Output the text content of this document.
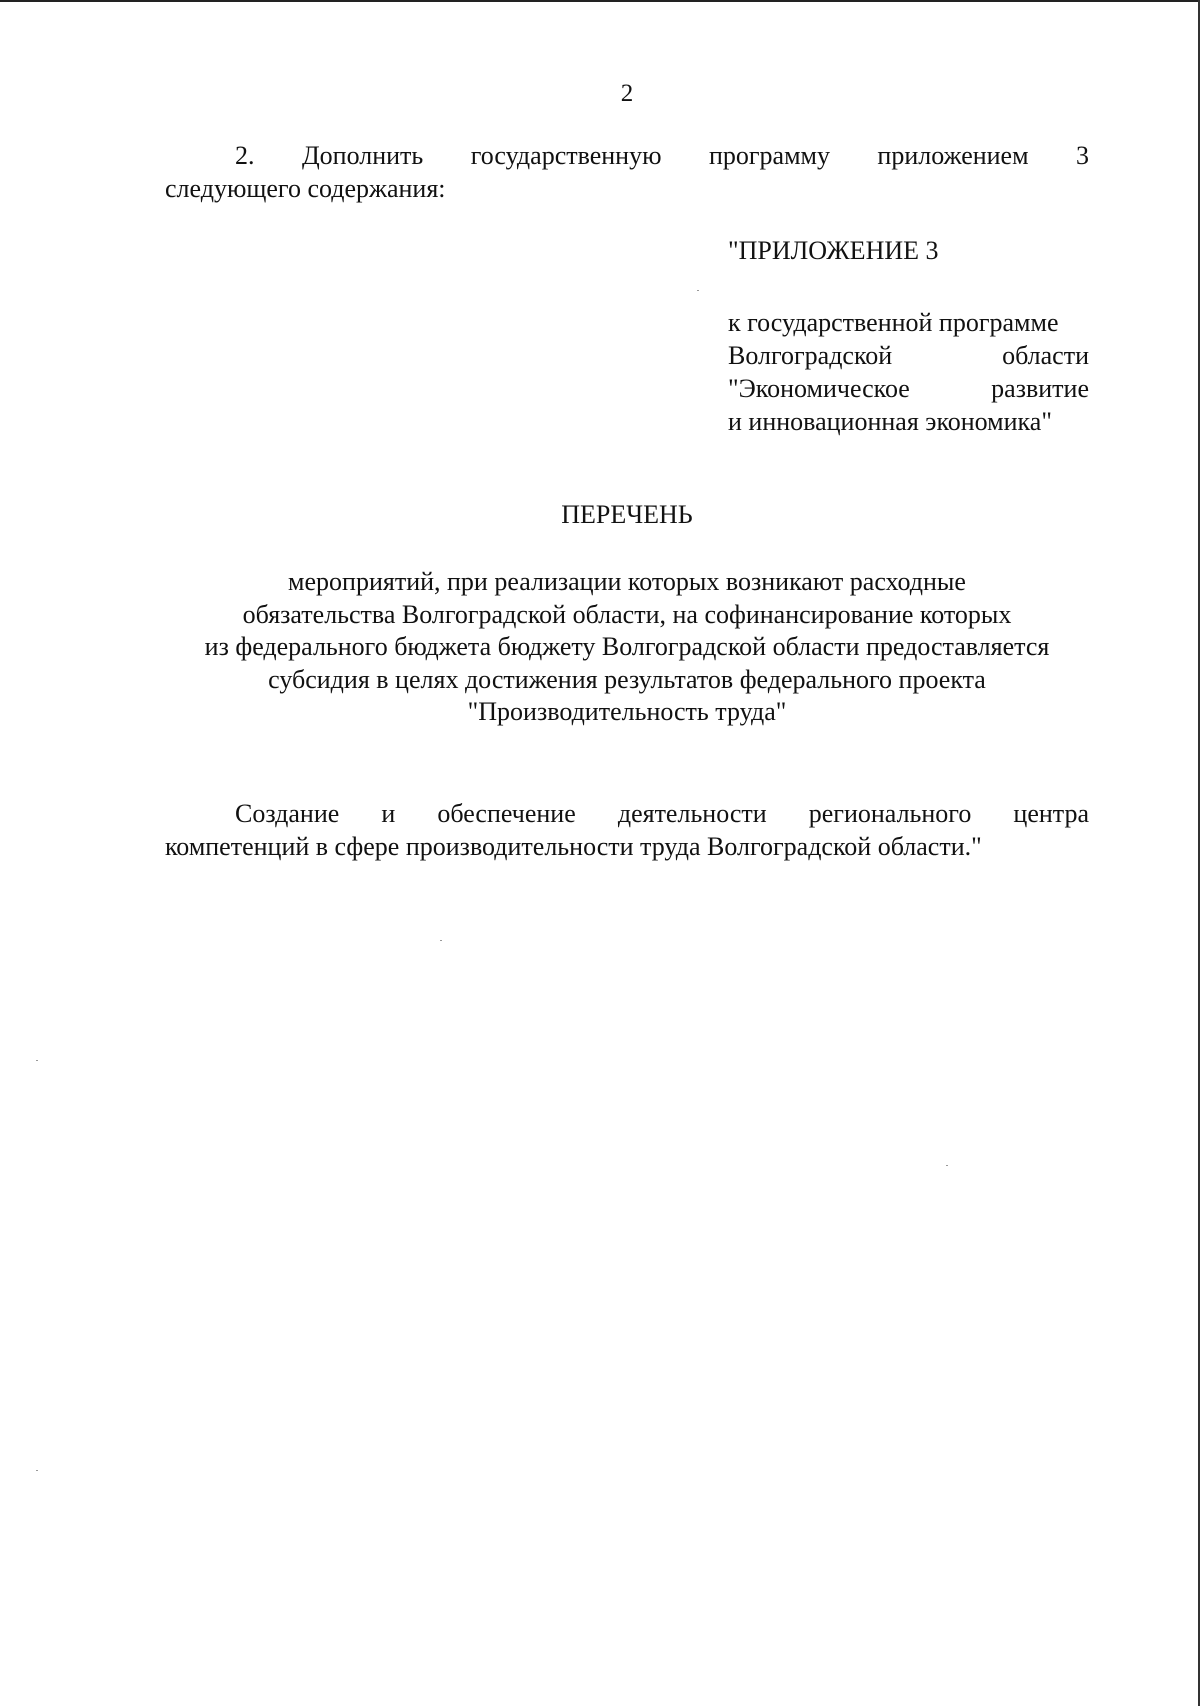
2
2. Дополнить государственную программу приложением 3
следующего содержания:
"ПРИЛОЖЕНИЕ 3
к государственной программе
Волгоградской области
"Экономическое развитие
и инновационная экономика"
ПЕРЕЧЕНЬ
мероприятий, при реализации которых возникают расходные
обязательства Волгоградской области, на софинансирование которых
из федерального бюджета бюджету Волгоградской области предоставляется
субсидия в целях достижения результатов федерального проекта
"Производительность труда"
Создание и обеспечение деятельности регионального центра
компетенций в сфере производительности труда Волгоградской области."
